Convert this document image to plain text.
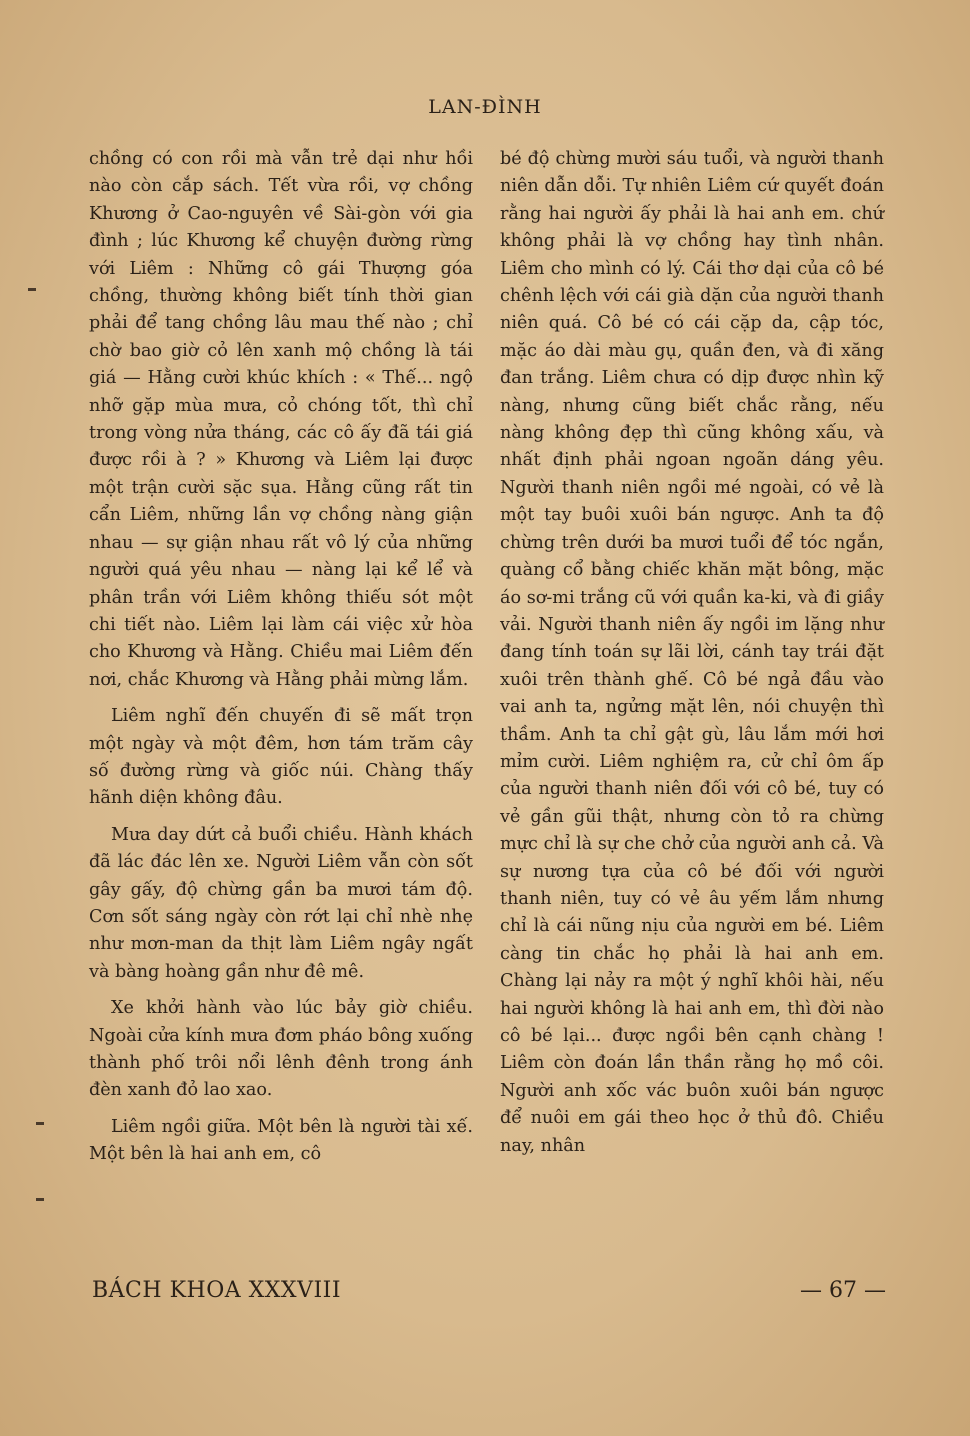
LAN-ĐÌNH

chồng có con rồi mà vẫn trẻ dại như hồi nào còn cắp sách. Tết vừa rồi, vợ chồng Khương ở Cao-nguyên về Sài-gòn với gia đình ; lúc Khương kể chuyện đường rừng với Liêm : Những cô gái Thượng góa chồng, thường không biết tính thời gian phải để tang chồng lâu mau thế nào ; chỉ chờ bao giờ cỏ lên xanh mộ chồng là tái giá — Hằng cười khúc khích : « Thế... ngộ nhỡ gặp mùa mưa, cỏ chóng tốt, thì chỉ trong vòng nửa tháng, các cô ấy đã tái giá được rồi à ? » Khương và Liêm lại được một trận cười sặc sụa. Hằng cũng rất tin cẩn Liêm, những lần vợ chồng nàng giận nhau — sự giận nhau rất vô lý của những người quá yêu nhau — nàng lại kể lể và phân trần với Liêm không thiếu sót một chi tiết nào. Liêm lại làm cái việc xử hòa cho Khương và Hằng. Chiều mai Liêm đến nơi, chắc Khương và Hằng phải mừng lắm.

Liêm nghĩ đến chuyến đi sẽ mất trọn một ngày và một đêm, hơn tám trăm cây số đường rừng và giốc núi. Chàng thấy hãnh diện không đâu.

Mưa day dứt cả buổi chiều. Hành khách đã lác đác lên xe. Người Liêm vẫn còn sốt gây gấy, độ chừng gần ba mươi tám độ. Cơn sốt sáng ngày còn rớt lại chỉ nhè nhẹ như mơn-man da thịt làm Liêm ngây ngất và bàng hoàng gần như đê mê.

Xe khởi hành vào lúc bảy giờ chiều. Ngoài cửa kính mưa đơm pháo bông xuống thành phố trôi nổi lênh đênh trong ánh đèn xanh đỏ lao xao.

Liêm ngồi giữa. Một bên là người tài xế. Một bên là hai anh em, cô

bé độ chừng mười sáu tuổi, và người thanh niên dẫn dỗi. Tự nhiên Liêm cứ quyết đoán rằng hai người ấy phải là hai anh em. chứ không phải là vợ chồng hay tình nhân. Liêm cho mình có lý. Cái thơ dại của cô bé chênh lệch với cái già dặn của người thanh niên quá. Cô bé có cái cặp da, cập tóc, mặc áo dài màu gụ, quần đen, và đi xăng đan trắng. Liêm chưa có dịp được nhìn kỹ nàng, nhưng cũng biết chắc rằng, nếu nàng không đẹp thì cũng không xấu, và nhất định phải ngoan ngoãn dáng yêu. Người thanh niên ngồi mé ngoài, có vẻ là một tay buôi xuôi bán ngược. Anh ta độ chừng trên dưới ba mươi tuổi để tóc ngắn, quàng cổ bằng chiếc khăn mặt bông, mặc áo sơ-mi trắng cũ với quần ka-ki, và đi giầy vải. Người thanh niên ấy ngồi im lặng như đang tính toán sự lãi lời, cánh tay trái đặt xuôi trên thành ghế. Cô bé ngả đầu vào vai anh ta, ngửng mặt lên, nói chuyện thì thầm. Anh ta chỉ gật gù, lâu lắm mới hơi mỉm cười. Liêm nghiệm ra, cử chỉ ôm ấp của người thanh niên đối với cô bé, tuy có vẻ gần gũi thật, nhưng còn tỏ ra chừng mực chỉ là sự che chở của người anh cả. Và sự nương tựa của cô bé đối với người thanh niên, tuy có vẻ âu yếm lắm nhưng chỉ là cái nũng nịu của người em bé. Liêm càng tin chắc họ phải là hai anh em. Chàng lại nảy ra một ý nghĩ khôi hài, nếu hai người không là hai anh em, thì đời nào cô bé lại... được ngồi bên cạnh chàng ! Liêm còn đoán lần thần rằng họ mồ côi. Người anh xốc vác buôn xuôi bán ngược để nuôi em gái theo học ở thủ đô. Chiều nay, nhân

BÁCH KHOA XXXVIII	— 67 —
